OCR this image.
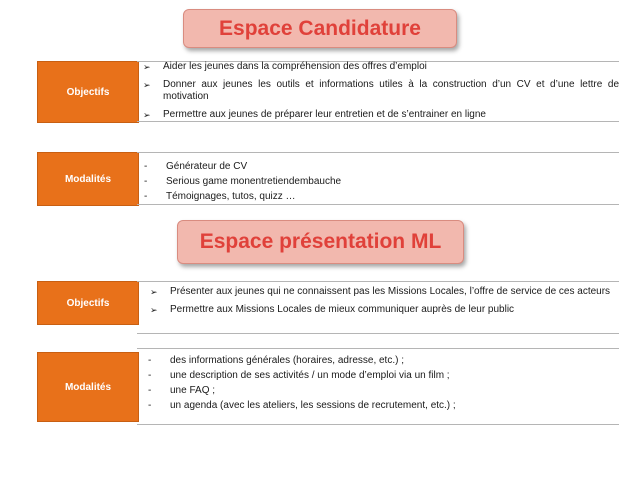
Espace Candidature
Objectifs
➢ Aider les jeunes dans la compréhension des offres d’emploi
➢ Donner aux jeunes les outils et informations utiles à la construction d’un CV et d’une lettre de motivation
➢ Permettre aux jeunes de préparer leur entretien et de s’entrainer en ligne
Modalités
- Générateur de CV
- Serious game monentretiendembauche
- Témoignages, tutos, quizz …
Espace présentation ML
Objectifs
➢ Présenter aux jeunes qui ne connaissent pas les Missions Locales, l’offre de service de ces acteurs
➢ Permettre aux Missions Locales de mieux communiquer auprès de leur public
Modalités
- des informations générales (horaires, adresse, etc.) ;
- une description de ses activités / un mode d’emploi via un film ;
- une FAQ ;
- un agenda (avec les ateliers, les sessions de recrutement, etc.) ;
